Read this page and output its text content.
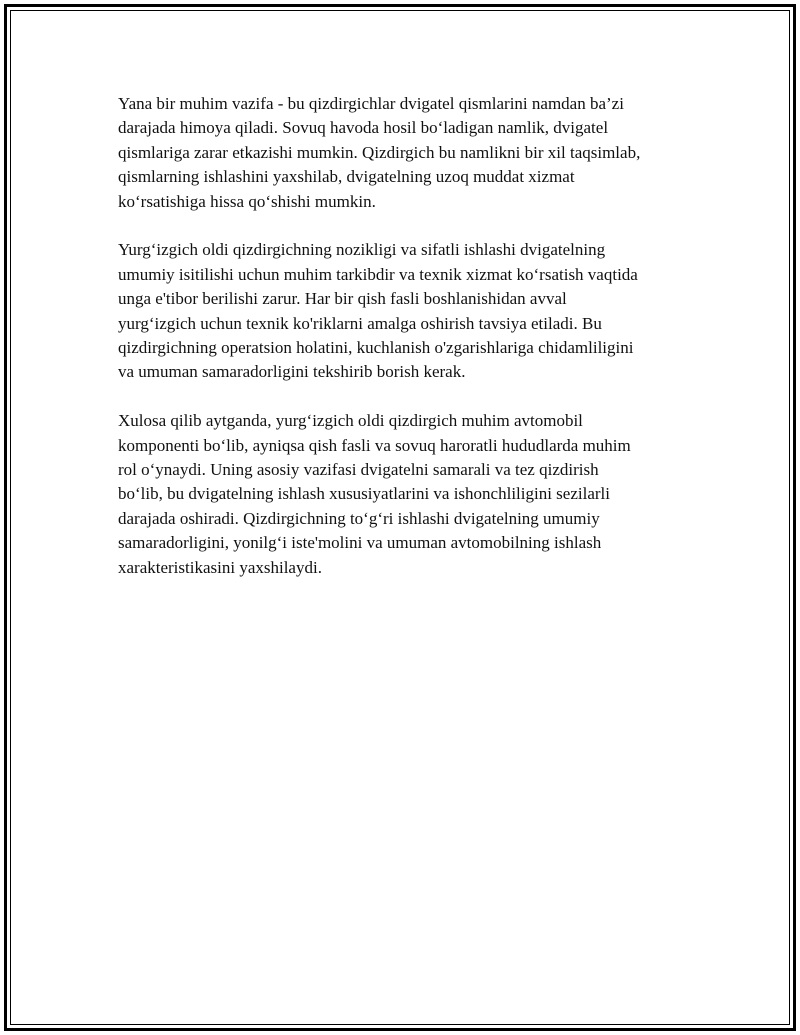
Yana bir muhim vazifa - bu qizdirgichlar dvigatel qismlarini namdan ba’zi
darajada himoya qiladi. Sovuq havoda hosil bo‘ladigan namlik, dvigatel
qismlariga zarar etkazishi mumkin. Qizdirgich bu namlikni bir xil taqsimlab,
qismlarning ishlashini yaxshilab, dvigatelning uzoq muddat xizmat
ko‘rsatishiga hissa qo‘shishi mumkin.

Yurg‘izgich oldi qizdirgichning nozikligi va sifatli ishlashi dvigatelning
umumiy isitilishi uchun muhim tarkibdir va texnik xizmat ko‘rsatish vaqtida
unga e'tibor berilishi zarur. Har bir qish fasli boshlanishidan avval
yurg‘izgich uchun texnik ko'riklarni amalga oshirish tavsiya etiladi. Bu
qizdirgichning operatsion holatini, kuchlanish o'zgarishlariga chidamliligini
va umuman samaradorligini tekshirib borish kerak.

Xulosa qilib aytganda, yurg‘izgich oldi qizdirgich muhim avtomobil
komponenti bo‘lib, ayniqsa qish fasli va sovuq haroratli hududlarda muhim
rol o‘ynaydi. Uning asosiy vazifasi dvigatelni samarali va tez qizdirish
bo‘lib, bu dvigatelning ishlash xususiyatlarini va ishonchliligini sezilarli
darajada oshiradi. Qizdirgichning to‘g‘ri ishlashi dvigatelning umumiy
samaradorligini, yonilg‘i iste'molini va umuman avtomobilning ishlash
xarakteristikasini yaxshilaydi.
